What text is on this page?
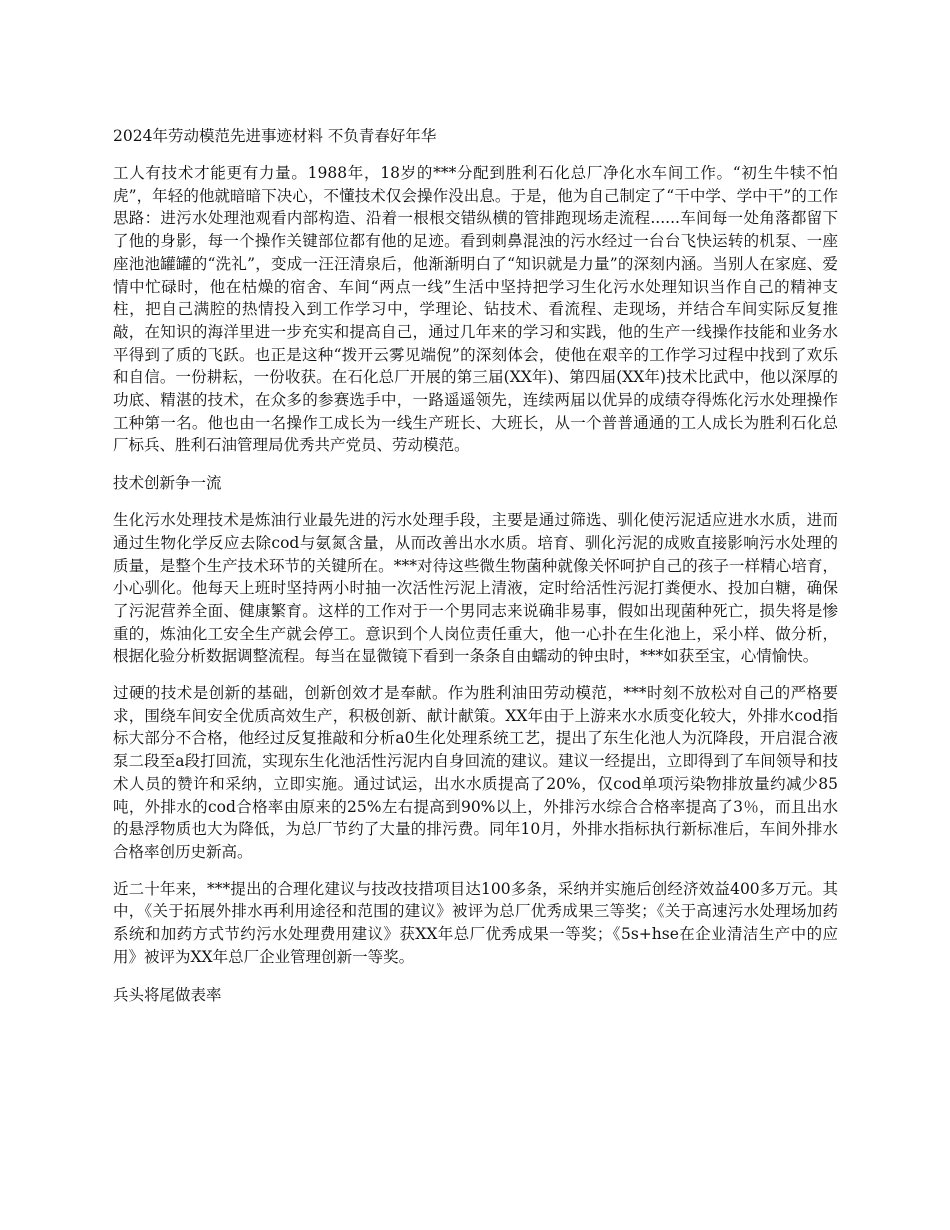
2024年劳动模范先进事迹材料 不负青春好年华
工人有技术才能更有力量。1988年，18岁的***分配到胜利石化总厂净化水车间工作。“初生牛犊不怕虎”，年轻的他就暗暗下决心，不懂技术仅会操作没出息。于是，他为自己制定了“干中学、学中干”的工作思路：进污水处理池观看内部构造、沿着一根根交错纵横的管排跑现场走流程......车间每一处角落都留下了他的身影，每一个操作关键部位都有他的足迹。看到刺鼻混浊的污水经过一台台飞快运转的机泵、一座座池池罐罐的“洗礼”，变成一汪汪清泉后，他渐渐明白了“知识就是力量”的深刻内涵。当别人在家庭、爱情中忙碌时，他在枯燥的宿舍、车间“两点一线”生活中坚持把学习生化污水处理知识当作自己的精神支柱，把自己满腔的热情投入到工作学习中，学理论、钻技术、看流程、走现场，并结合车间实际反复推敲，在知识的海洋里进一步充实和提高自己，通过几年来的学习和实践，他的生产一线操作技能和业务水平得到了质的飞跃。也正是这种“拨开云雾见端倪”的深刻体会，使他在艰辛的工作学习过程中找到了欢乐和自信。一份耕耘，一份收获。在石化总厂开展的第三届(XX年)、第四届(XX年)技术比武中，他以深厚的功底、精湛的技术，在众多的参赛选手中，一路遥遥领先，连续两届以优异的成绩夺得炼化污水处理操作工种第一名。他也由一名操作工成长为一线生产班长、大班长，从一个普普通通的工人成长为胜利石化总厂标兵、胜利石油管理局优秀共产党员、劳动模范。
技术创新争一流
生化污水处理技术是炼油行业最先进的污水处理手段，主要是通过筛选、驯化使污泥适应进水水质，进而通过生物化学反应去除cod与氨氮含量，从而改善出水水质。培育、驯化污泥的成败直接影响污水处理的质量，是整个生产技术环节的关键所在。***对待这些微生物菌种就像关怀呵护自己的孩子一样精心培育，小心驯化。他每天上班时坚持两小时抽一次活性污泥上清液，定时给活性污泥打粪便水、投加白糖，确保了污泥营养全面、健康繁育。这样的工作对于一个男同志来说确非易事，假如出现菌种死亡，损失将是惨重的，炼油化工安全生产就会停工。意识到个人岗位责任重大，他一心扑在生化池上，采小样、做分析，根据化验分析数据调整流程。每当在显微镜下看到一条条自由蠕动的钟虫时，***如获至宝，心情愉快。
过硬的技术是创新的基础，创新创效才是奉献。作为胜利油田劳动模范，***时刻不放松对自己的严格要求，围绕车间安全优质高效生产，积极创新、献计献策。XX年由于上游来水水质变化较大，外排水cod指标大部分不合格，他经过反复推敲和分析a0生化处理系统工艺，提出了东生化池人为沉降段，开启混合液泵二段至a段打回流，实现东生化池活性污泥内自身回流的建议。建议一经提出，立即得到了车间领导和技术人员的赞许和采纳，立即实施。通过试运，出水水质提高了20%，仅cod单项污染物排放量约减少85吨，外排水的cod合格率由原来的25%左右提高到90%以上，外排污水综合合格率提高了3％，而且出水的悬浮物质也大为降低，为总厂节约了大量的排污费。同年10月，外排水指标执行新标准后，车间外排水合格率创历史新高。
近二十年来，***提出的合理化建议与技改技措项目达100多条，采纳并实施后创经济效益400多万元。其中，《关于拓展外排水再利用途径和范围的建议》被评为总厂优秀成果三等奖；《关于高速污水处理场加药系统和加药方式节约污水处理费用建议》获XX年总厂优秀成果一等奖；《5s+hse在企业清洁生产中的应用》被评为XX年总厂企业管理创新一等奖。
兵头将尾做表率
